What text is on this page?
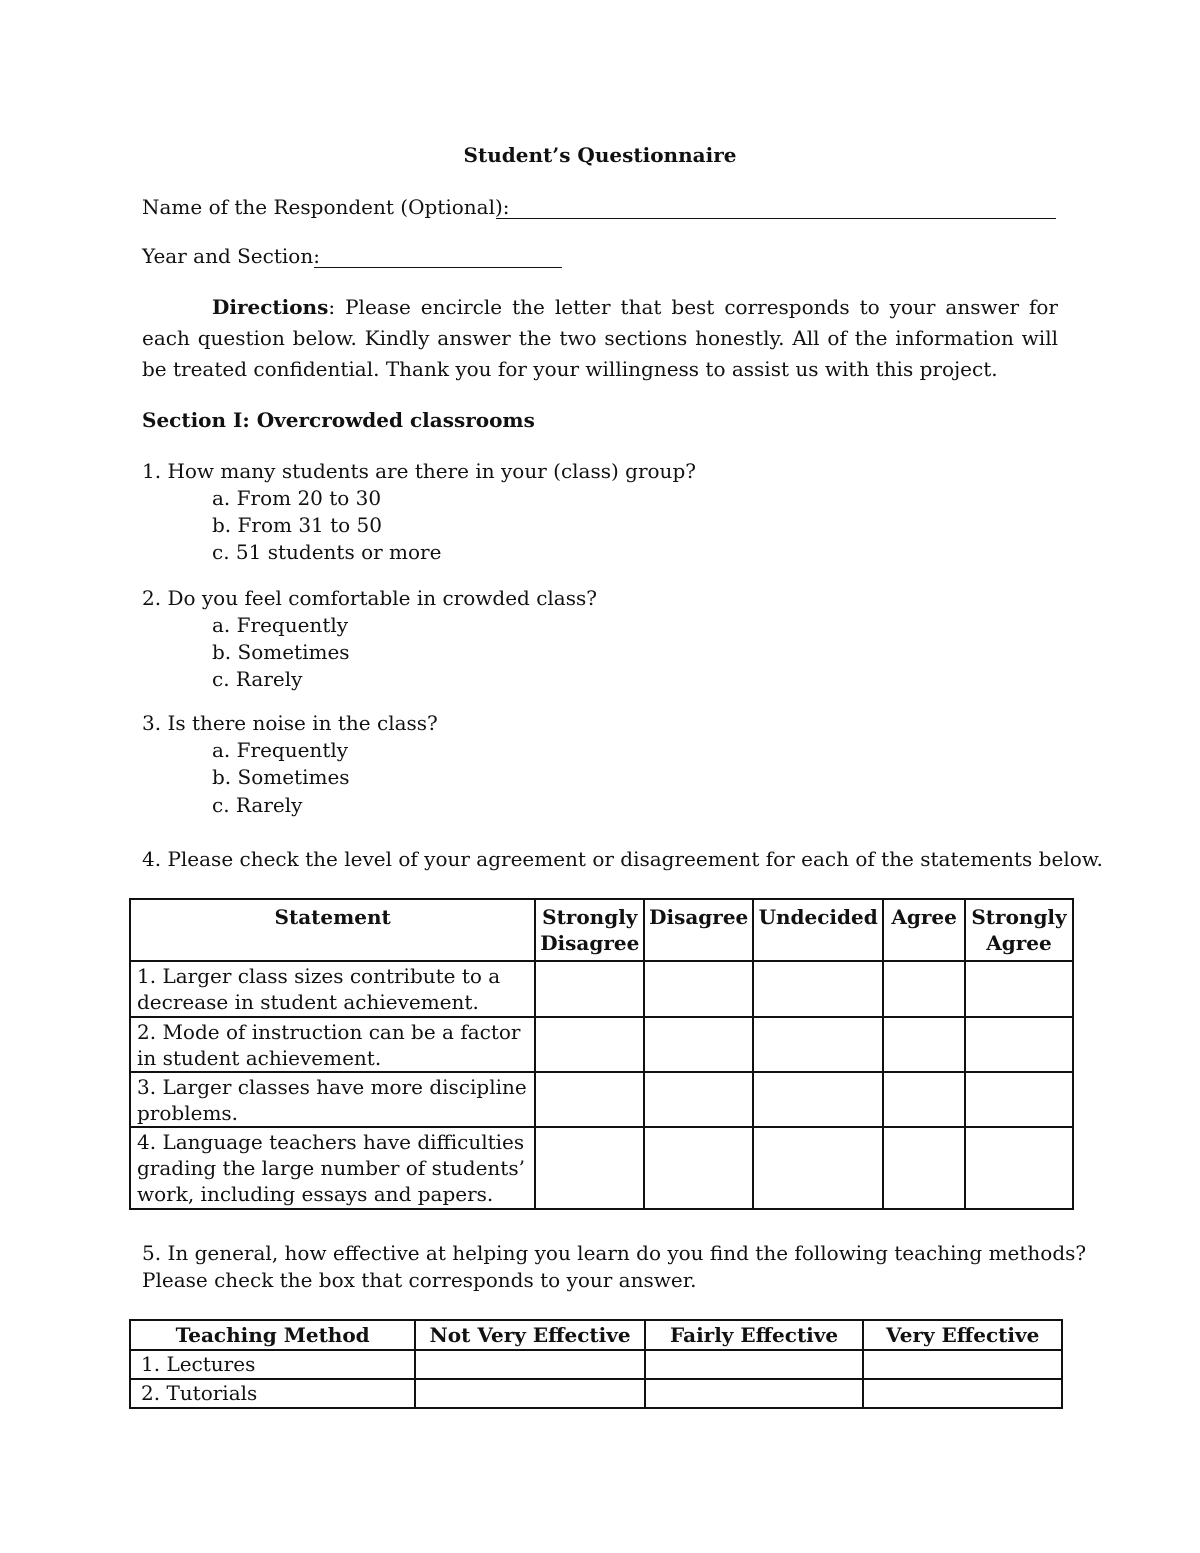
Student’s Questionnaire
Name of the Respondent (Optional):
Year and Section:
Directions: Please encircle the letter that best corresponds to your answer for each question below. Kindly answer the two sections honestly. All of the information will be treated confidential. Thank you for your willingness to assist us with this project.
Section I: Overcrowded classrooms
1. How many students are there in your (class) group?
a. From 20 to 30
b. From 31 to 50
c. 51 students or more
2. Do you feel comfortable in crowded class?
a. Frequently
b. Sometimes
c. Rarely
3. Is there noise in the class?
a. Frequently
b. Sometimes
c. Rarely
4. Please check the level of your agreement or disagreement for each of the statements below.
Statement	Strongly Disagree	Disagree	Undecided	Agree	Strongly Agree
1. Larger class sizes contribute to a decrease in student achievement.					
2. Mode of instruction can be a factor in student achievement.					
3. Larger classes have more discipline problems.					
4. Language teachers have difficulties grading the large number of students’ work, including essays and papers.					
5. In general, how effective at helping you learn do you find the following teaching methods?
Please check the box that corresponds to your answer.
Teaching Method	Not Very Effective	Fairly Effective	Very Effective
1. Lectures			
2. Tutorials			
